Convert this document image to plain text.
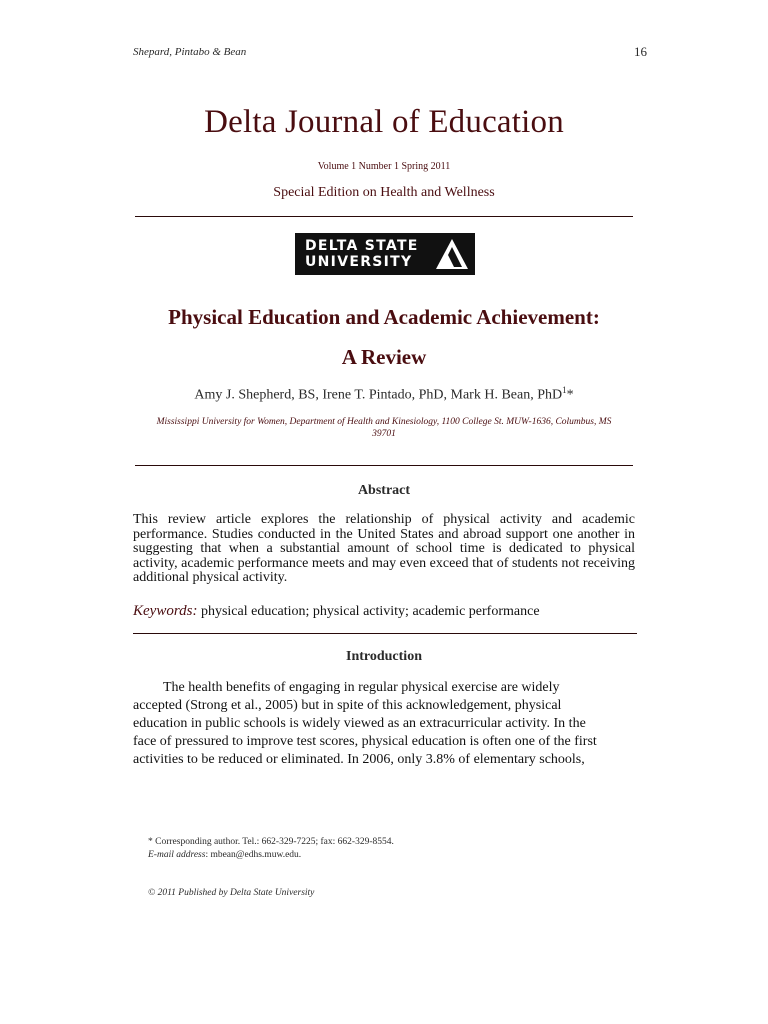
Shepard, Pintabo & Bean	16
Delta Journal of Education
Volume 1 Number 1 Spring 2011
Special Edition on Health and Wellness
DELTA STATE
UNIVERSITY
Physical Education and Academic Achievement:
A Review
Amy J. Shepherd, BS, Irene T. Pintado, PhD, Mark H. Bean, PhD$^1$*
Mississippi University for Women, Department of Health and Kinesiology, 1100 College St. MUW-1636, Columbus, MS
39701
Abstract
This review article explores the relationship of physical activity and academic performance. Studies conducted in the United States and abroad support one another in suggesting that when a substantial amount of school time is dedicated to physical activity, academic performance meets and may even exceed that of students not receiving additional physical activity.
Keywords: physical education; physical activity; academic performance
Introduction
The health benefits of engaging in regular physical exercise are widely
accepted (Strong et al., 2005) but in spite of this acknowledgement, physical
education in public schools is widely viewed as an extracurricular activity. In the
face of pressured to improve test scores, physical education is often one of the first
activities to be reduced or eliminated. In 2006, only 3.8% of elementary schools,
* Corresponding author. Tel.: 662-329-7225; fax: 662-329-8554.
E-mail address: mbean@edhs.muw.edu.
© 2011 Published by Delta State University
